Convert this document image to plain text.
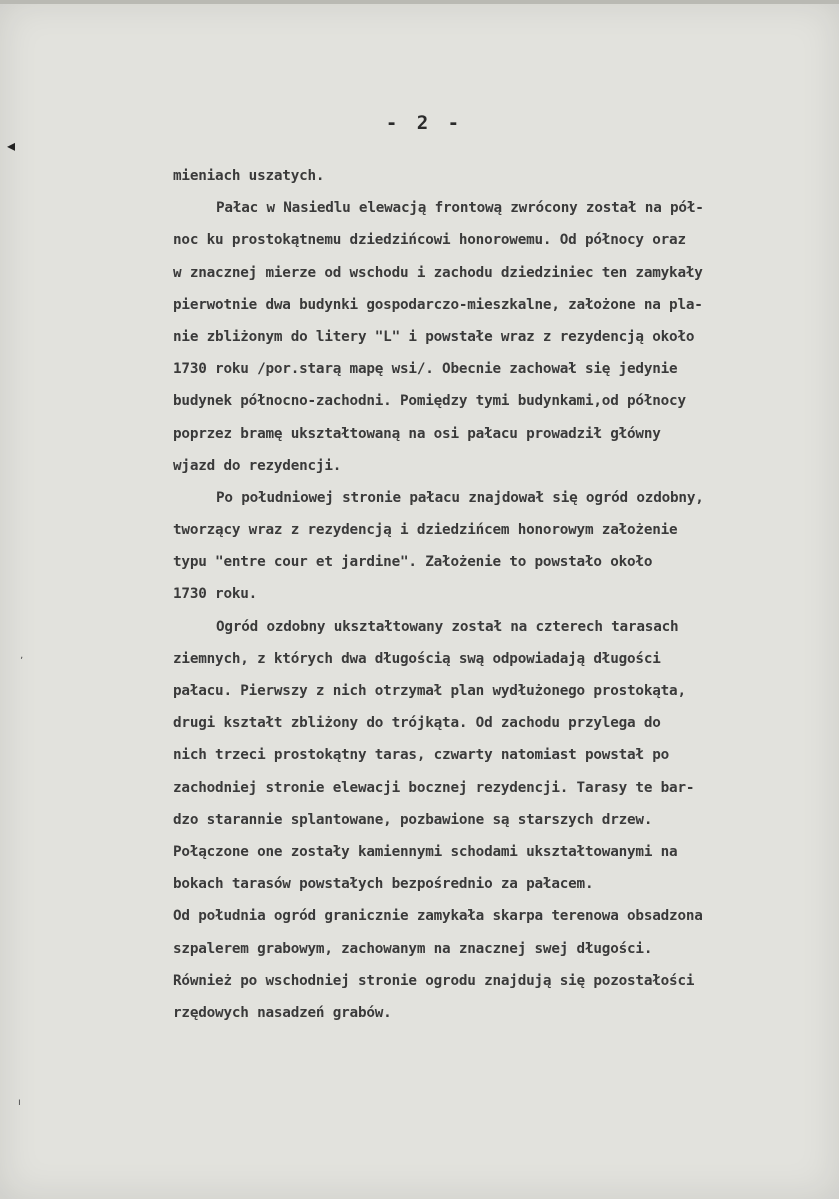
- 2 -
◂
ʼ
ı
mieniach uszatych.
Pałac w Nasiedlu elewacją frontową zwrócony został na pół-
noc ku prostokątnemu dziedzińcowi honorowemu. Od północy oraz
w znacznej mierze od wschodu i zachodu dziedziniec ten zamykały
pierwotnie dwa budynki gospodarczo-mieszkalne, założone na pla-
nie zbliżonym do litery "L" i powstałe wraz z rezydencją około
1730 roku /por.starą mapę wsi/. Obecnie zachował się jedynie
budynek północno-zachodni. Pomiędzy tymi budynkami,od północy
poprzez bramę ukształtowaną na osi pałacu prowadził główny
wjazd do rezydencji.
Po południowej stronie pałacu znajdował się ogród ozdobny,
tworzący wraz z rezydencją i dziedzińcem honorowym założenie
typu "entre cour et jardine". Założenie to powstało około
1730 roku.
Ogród ozdobny ukształtowany został na czterech tarasach
ziemnych, z których dwa długością swą odpowiadają długości
pałacu. Pierwszy z nich otrzymał plan wydłużonego prostokąta,
drugi kształt zbliżony do trójkąta. Od zachodu przylega do
nich trzeci prostokątny taras, czwarty natomiast powstał po
zachodniej stronie elewacji bocznej rezydencji. Tarasy te bar-
dzo starannie splantowane, pozbawione są starszych drzew.
Połączone one zostały kamiennymi schodami ukształtowanymi na
bokach tarasów powstałych bezpośrednio za pałacem.
Od południa ogród granicznie zamykała skarpa terenowa obsadzona
szpalerem grabowym, zachowanym na znacznej swej długości.
Również po wschodniej stronie ogrodu znajdują się pozostałości
rzędowych nasadzeń grabów.
